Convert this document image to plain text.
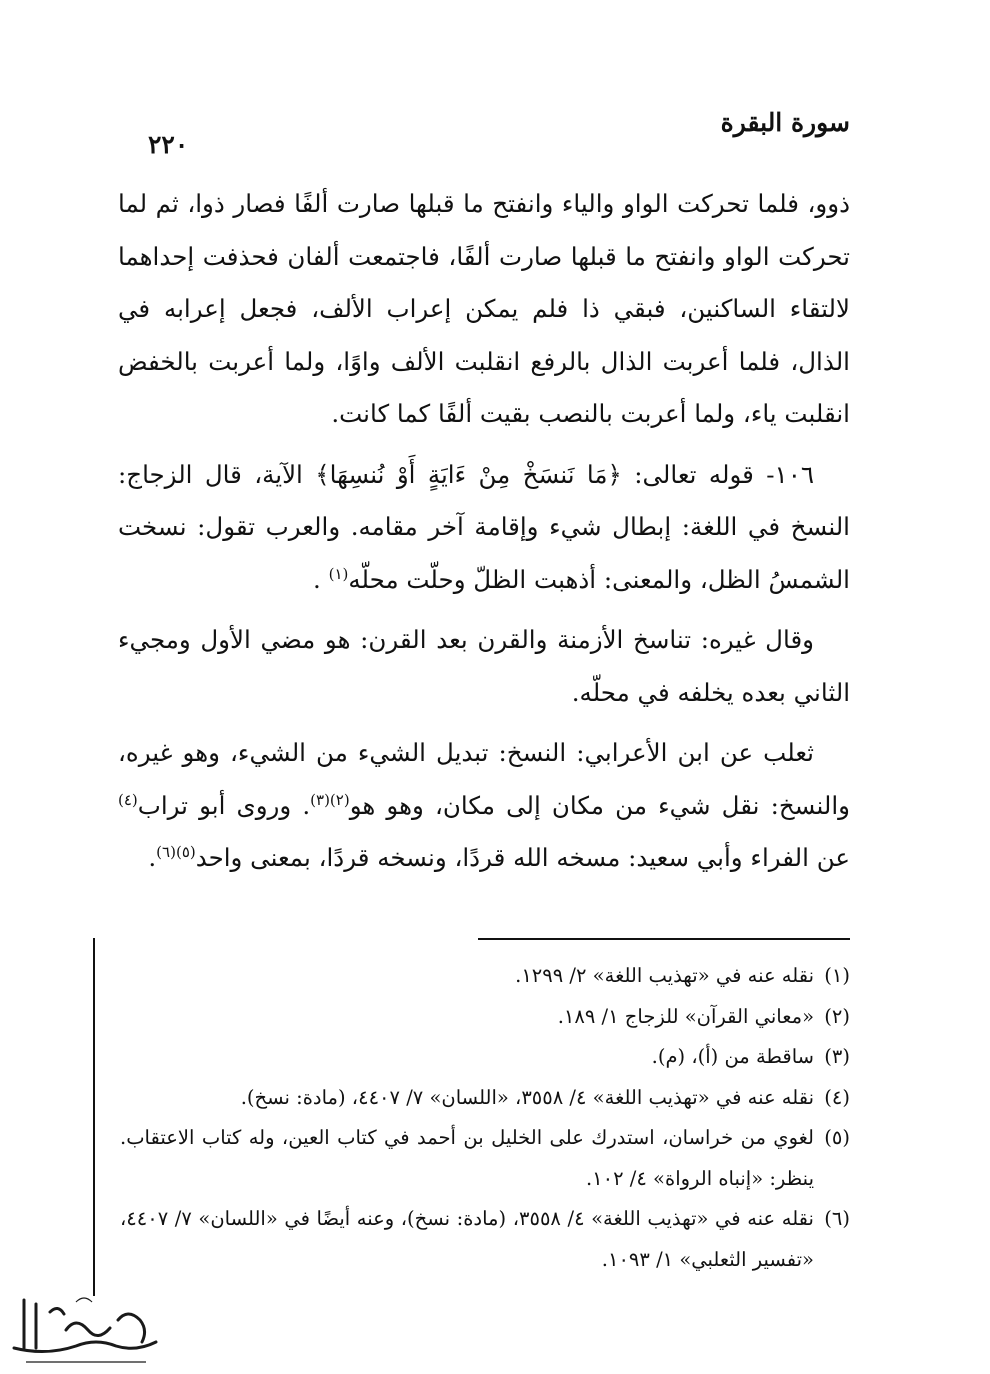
٢٢٠
سورة البقرة

ذوو، فلما تحركت الواو والياء وانفتح ما قبلها صارت ألفًا فصار ذوا، ثم لما تحركت الواو وانفتح ما قبلها صارت ألفًا، فاجتمعت ألفان فحذفت إحداهما لالتقاء الساكنين، فبقي ذا فلم يمكن إعراب الألف، فجعل إعرابه في الذال، فلما أعربت الذال بالرفع انقلبت الألف واوًا، ولما أعربت بالخفض انقلبت ياء، ولما أعربت بالنصب بقيت ألفًا كما كانت.

١٠٦- قوله تعالى: ﴿مَا نَنسَخْ مِنْ ءَايَةٍ أَوْ نُنسِهَا﴾ الآية، قال الزجاج: النسخ في اللغة: إبطال شيء وإقامة آخر مقامه. والعرب تقول: نسخت الشمسُ الظل، والمعنى: أذهبت الظلّ وحلّت محلّه$^{(١)}$ .

وقال غيره: تناسخ الأزمنة والقرن بعد القرن: هو مضي الأول ومجيء الثاني بعده يخلفه في محلّه.

ثعلب عن ابن الأعرابي: النسخ: تبديل الشيء من الشيء، وهو غيره، والنسخ: نقل شيء من مكان إلى مكان، وهو هو$^{(٢)(٣)}$. وروى أبو تراب$^{(٤)}$ عن الفراء وأبي سعيد: مسخه الله قردًا، ونسخه قردًا، بمعنى واحد$^{(٥)(٦)}$.

(١)
نقله عنه في «تهذيب اللغة» ٢/ ١٢٩٩.
(٢)
«معاني القرآن» للزجاج ١/ ١٨٩.
(٣)
ساقطة من (أ)، (م).
(٤)
نقله عنه في «تهذيب اللغة» ٤/ ٣٥٥٨، «اللسان» ٧/ ٤٤٠٧، (مادة: نسخ).
(٥)
لغوي من خراسان، استدرك على الخليل بن أحمد في كتاب العين، وله كتاب الاعتقاب. ينظر: «إنباه الرواة» ٤/ ١٠٢.
(٦)
نقله عنه في «تهذيب اللغة» ٤/ ٣٥٥٨، (مادة: نسخ)، وعنه أيضًا في «اللسان» ٧/ ٤٤٠٧، «تفسير الثعلبي» ١/ ١٠٩٣.
